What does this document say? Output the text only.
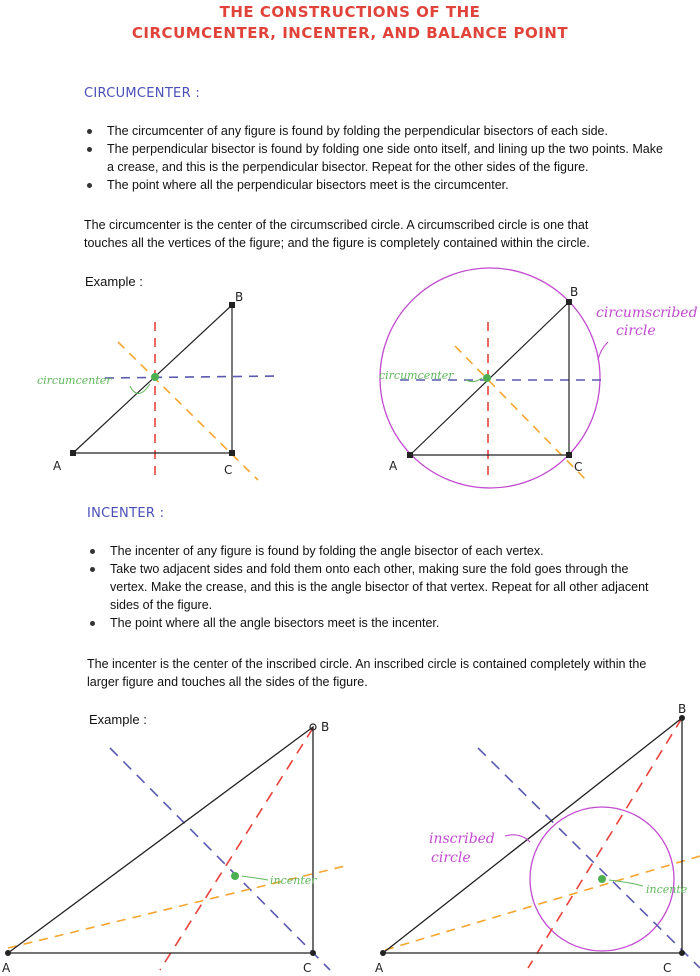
THE CONSTRUCTIONS OF THE
CIRCUMCENTER, INCENTER, AND BALANCE POINT
CIRCUMCENTER :
The circumcenter of any figure is found by folding the perpendicular bisectors of each side.
The perpendicular bisector is found by folding one side onto itself, and lining up the two points. Make a crease, and this is the perpendicular bisector. Repeat for the other sides of the figure.
The point where all the perpendicular bisectors meet is the circumcenter.

The circumcenter is the center of the circumscribed circle. A circumscribed circle is one that touches all the vertices of the figure; and the figure is completely contained within the circle.

Example :
INCENTER :
The incenter of any figure is found by folding the angle bisector of each vertex.
Take two adjacent sides and fold them onto each other, making sure the fold goes through the vertex. Make the crease, and this is the angle bisector of that vertex. Repeat for all other adjacent sides of the figure.
The point where all the angle bisectors meet is the incenter.

The incenter is the center of the inscribed circle. An inscribed circle is contained completely within the larger figure and touches all the sides of the figure.

Example :
circumcenter
A
B
C
circumcenter
circumscribed
circle
A
B
C
incenter
A
B
C
incente
inscribed
circle
A
B
C
